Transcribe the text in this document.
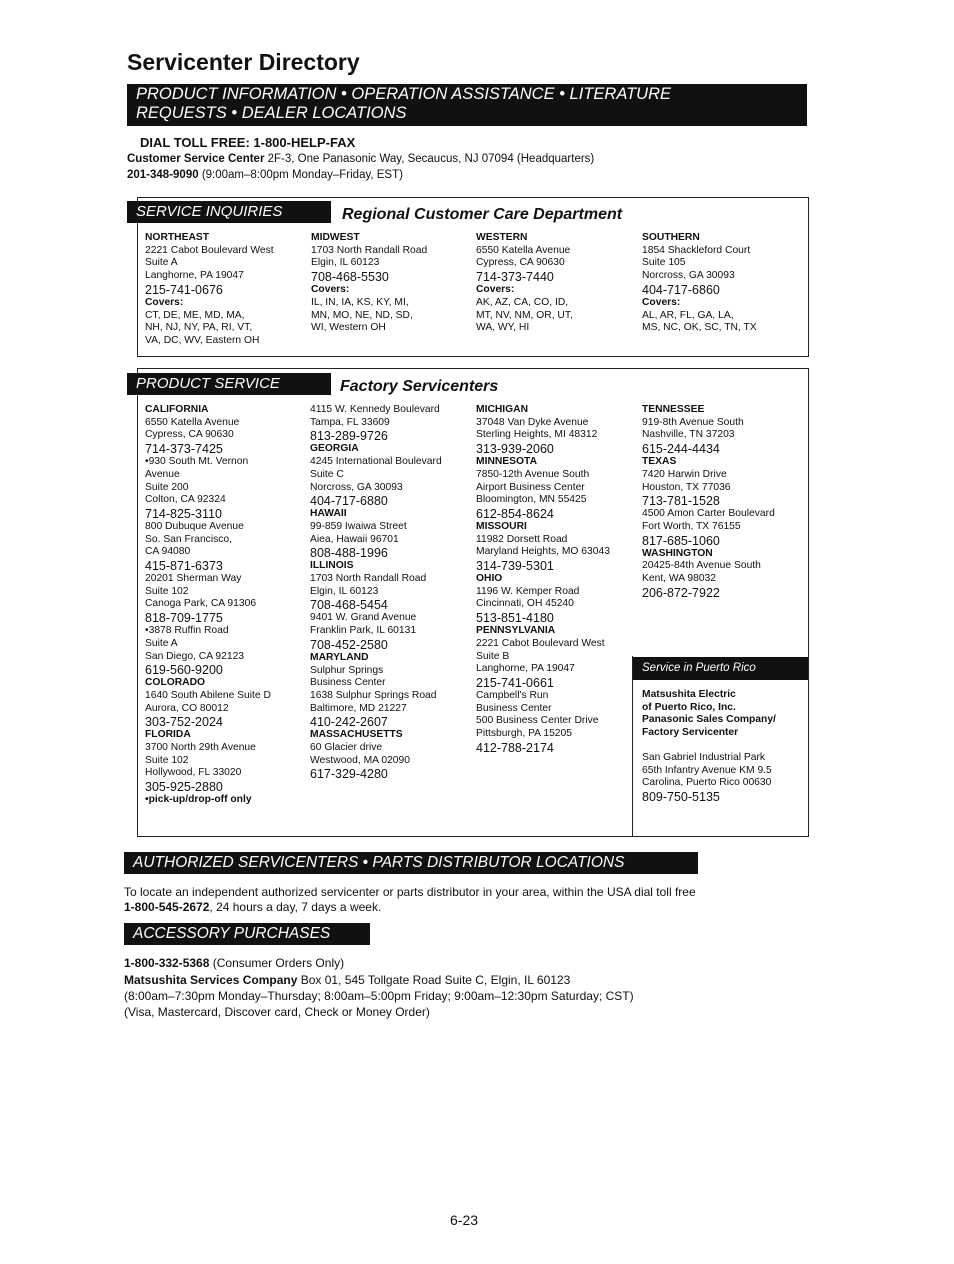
Servicenter Directory
PRODUCT INFORMATION • OPERATION ASSISTANCE • LITERATURE
REQUESTS • DEALER LOCATIONS
DIAL TOLL FREE: 1-800-HELP-FAX
Customer Service Center 2F-3, One Panasonic Way, Secaucus, NJ 07094 (Headquarters)
201-348-9090 (9:00am–8:00pm Monday–Friday, EST)
SERVICE INQUIRIES	Regional Customer Care Department
NORTHEAST
2221 Cabot Boulevard West
Suite A
Langhorne, PA 19047
215-741-0676
Covers:
CT, DE, ME, MD, MA,
NH, NJ, NY, PA, RI, VT,
VA, DC, WV, Eastern OH
MIDWEST
1703 North Randall Road
Elgin, IL 60123
708-468-5530
Covers:
IL, IN, IA, KS, KY, MI,
MN, MO, NE, ND, SD,
WI, Western OH
WESTERN
6550 Katella Avenue
Cypress, CA 90630
714-373-7440
Covers:
AK, AZ, CA, CO, ID,
MT, NV, NM, OR, UT,
WA, WY, HI
SOUTHERN
1854 Shackleford Court
Suite 105
Norcross, GA 30093
404-717-6860
Covers:
AL, AR, FL, GA, LA,
MS, NC, OK, SC, TN, TX
PRODUCT SERVICE	Factory Servicenters
CALIFORNIA
6550 Katella Avenue
Cypress, CA 90630
714-373-7425
•930 South Mt. Vernon
Avenue
Suite 200
Colton, CA 92324
714-825-3110
800 Dubuque Avenue
So. San Francisco,
CA 94080
415-871-6373
20201 Sherman Way
Suite 102
Canoga Park, CA 91306
818-709-1775
•3878 Ruffin Road
Suite A
San Diego, CA 92123
619-560-9200
COLORADO
1640 South Abilene Suite D
Aurora, CO 80012
303-752-2024
FLORIDA
3700 North 29th Avenue
Suite 102
Hollywood, FL 33020
305-925-2880
•pick-up/drop-off only
4115 W. Kennedy Boulevard
Tampa, FL 33609
813-289-9726
GEORGIA
4245 International Boulevard
Suite C
Norcross, GA 30093
404-717-6880
HAWAII
99-859 Iwaiwa Street
Aiea, Hawaii 96701
808-488-1996
ILLINOIS
1703 North Randall Road
Elgin, IL 60123
708-468-5454
9401 W. Grand Avenue
Franklin Park, IL 60131
708-452-2580
MARYLAND
Sulphur Springs
Business Center
1638 Sulphur Springs Road
Baltimore, MD 21227
410-242-2607
MASSACHUSETTS
60 Glacier drive
Westwood, MA 02090
617-329-4280
MICHIGAN
37048 Van Dyke Avenue
Sterling Heights, MI 48312
313-939-2060
MINNESOTA
7850-12th Avenue South
Airport Business Center
Bloomington, MN 55425
612-854-8624
MISSOURI
11982 Dorsett Road
Maryland Heights, MO 63043
314-739-5301
OHIO
1196 W. Kemper Road
Cincinnati, OH 45240
513-851-4180
PENNSYLVANIA
2221 Cabot Boulevard West
Suite B
Langhorne, PA 19047
215-741-0661
Campbell's Run
Business Center
500 Business Center Drive
Pittsburgh, PA 15205
412-788-2174
TENNESSEE
919-8th Avenue South
Nashville, TN 37203
615-244-4434
TEXAS
7420 Harwin Drive
Houston, TX 77036
713-781-1528
4500 Amon Carter Boulevard
Fort Worth, TX 76155
817-685-1060
WASHINGTON
20425-84th Avenue South
Kent, WA 98032
206-872-7922
Service in Puerto Rico
Matsushita Electric
of Puerto Rico, Inc.
Panasonic Sales Company/
Factory Servicenter
San Gabriel Industrial Park
65th Infantry Avenue KM 9.5
Carolina, Puerto Rico 00630
809-750-5135
AUTHORIZED SERVICENTERS • PARTS DISTRIBUTOR LOCATIONS
To locate an independent authorized servicenter or parts distributor in your area, within the USA dial toll free
1-800-545-2672, 24 hours a day, 7 days a week.
ACCESSORY PURCHASES
1-800-332-5368 (Consumer Orders Only)
Matsushita Services Company Box 01, 545 Tollgate Road Suite C, Elgin, IL 60123
(8:00am–7:30pm Monday–Thursday; 8:00am–5:00pm Friday; 9:00am–12:30pm Saturday; CST)
(Visa, Mastercard, Discover card, Check or Money Order)
6-23
